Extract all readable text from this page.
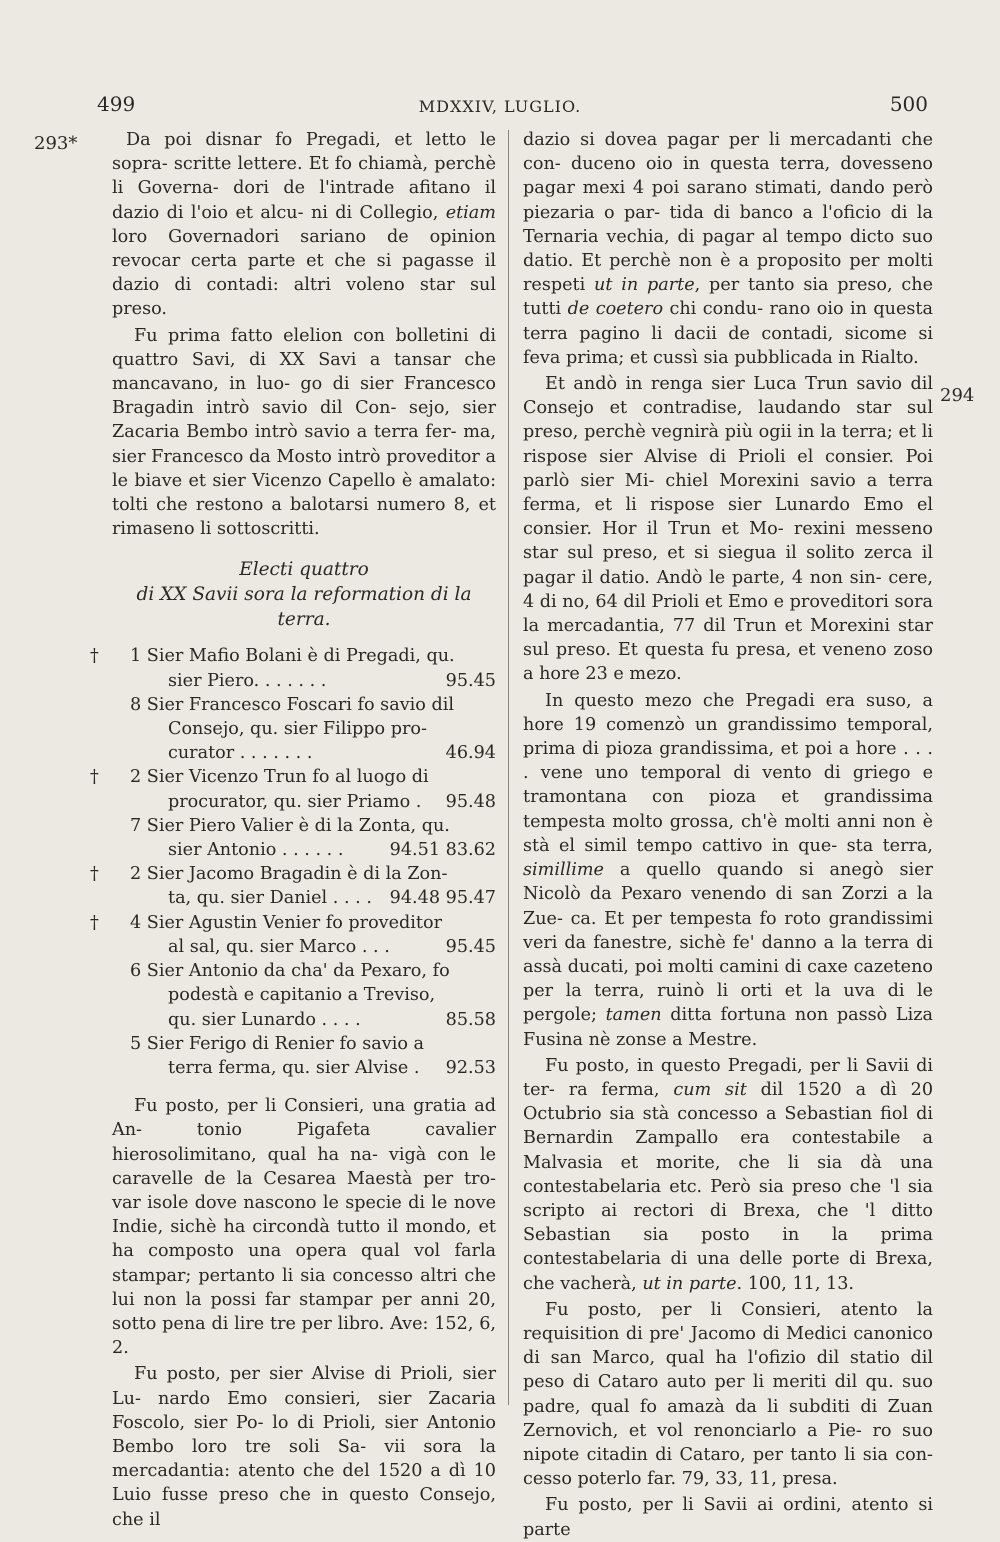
499	MDXXIV, LUGLIO.	500
293*
294

Da poi disnar fo Pregadi, et letto le sopra- scritte lettere. Et fo chiamà, perchè li Governa- dori de l'intrade afitano il dazio di l'oio et alcu- ni di Collegio, etiam loro Governadori sariano de opinion revocar certa parte et che si pagasse il dazio di contadi: altri voleno star sul preso.

Fu prima fatto elelion con bolletini di quattro Savi, di XX Savi a tansar che mancavano, in luo- go di sier Francesco Bragadin intrò savio dil Con- sejo, sier Zacaria Bembo intrò savio a terra fer- ma, sier Francesco da Mosto intrò proveditor a le biave et sier Vicenzo Capello è amalato: tolti che restono a balotarsi numero 8, et rimaseno li sottoscritti.

Electi quattro
di XX Savii sora la reformation di la terra.
† 1 Sier Mafio Bolani è di Pregadi, qu.
sier Piero. . . . . . .	95.45
8 Sier Francesco Foscari fo savio dil
Consejo, qu. sier Filippo pro-
curator . . . . . . .	46.94
† 2 Sier Vicenzo Trun fo al luogo di
procurator, qu. sier Priamo . 95.48
7 Sier Piero Valier è di la Zonta, qu.
sier Antonio . . . . . .	94.51 83.62
† 2 Sier Jacomo Bragadin è di la Zon-
ta, qu. sier Daniel . . . . 94.48 95.47
† 4 Sier Agustin Venier fo proveditor
al sal, qu. sier Marco . . .	95.45
6 Sier Antonio da cha' da Pexaro, fo
podestà e capitanio a Treviso,
qu. sier Lunardo . . . .	85.58
5 Sier Ferigo di Renier fo savio a
terra ferma, qu. sier Alvise . 92.53

Fu posto, per li Consieri, una gratia ad An-	tonio Pigafeta cavalier hierosolimitano, qual ha na- vigà con le caravelle de la Cesarea Maestà per tro- var isole dove nascono le specie di le nove Indie, sichè ha circondà tutto il mondo, et ha composto una opera qual vol farla stampar; pertanto li sia concesso altri che lui non la possi far stampar per anni 20, sotto pena di lire tre per libro. Ave: 152, 6, 2.

Fu posto, per sier Alvise di Prioli, sier Lu- nardo Emo consieri, sier Zacaria Foscolo, sier Po- lo di Prioli, sier Antonio Bembo loro tre soli Sa- vii sora la mercadantia: atento che del 1520 a dì 10 Luio fusse preso che in questo Consejo, che il

dazio si dovea pagar per li mercadanti che con- duceno oio in questa terra, dovesseno pagar mexi 4 poi sarano stimati, dando però piezaria o par- tida di banco a l'oficio di la Ternaria vechia, di pagar al tempo dicto suo datio. Et perchè non è a proposito per molti respeti ut in parte, per tanto sia preso, che tutti de coetero chi condu- rano oio in questa terra pagino li dacii de contadi, sicome si feva prima; et cussì sia pubblicada in Rialto.

Et andò in renga sier Luca Trun savio dil Consejo et contradise, laudando star sul preso, perchè vegnirà più ogii in la terra; et li rispose sier Alvise di Prioli el consier. Poi parlò sier Mi- chiel Morexini savio a terra ferma, et li rispose sier Lunardo Emo el consier. Hor il Trun et Mo- rexini messeno star sul preso, et si siegua il solito zerca il pagar il datio. Andò le parte, 4 non sin- cere, 4 di no, 64 dil Prioli et Emo e proveditori sora la mercadantia, 77 dil Trun et Morexini star sul preso. Et questa fu presa, et veneno zoso a hore 23 e mezo.

In questo mezo che Pregadi era suso, a hore 19 comenzò un grandissimo temporal, prima di pioza grandissima, et poi a hore . . . . vene uno temporal di vento di griego e tramontana con pioza et grandissima tempesta molto grossa, ch'è molti anni non è stà el simil tempo cattivo in que- sta terra, simillime a quello quando si anegò sier Nicolò da Pexaro venendo di san Zorzi a la Zue- ca. Et per tempesta fo roto grandissimi veri da fanestre, sichè fe' danno a la terra di assà ducati, poi molti camini di caxe cazeteno per la terra, ruinò li orti et la uva di le pergole; tamen ditta fortuna non passò Liza Fusina nè zonse a Mestre.

Fu posto, in questo Pregadi, per li Savii di ter- ra ferma, cum sit dil 1520 a dì 20 Octubrio sia stà concesso a Sebastian fiol di Bernardin Zampallo era contestabile a Malvasia et morite, che li sia dà una contestabelaria etc. Però sia preso che 'l sia scripto ai rectori di Brexa, che 'l ditto Sebastian sia posto in la prima contestabelaria di una delle porte di Brexa, che vacherà, ut in parte. 100, 11, 13.

Fu posto, per li Consieri, atento la requisition di pre' Jacomo di Medici canonico di san Marco, qual ha l'ofizio dil statio dil peso di Cataro auto per li meriti dil qu. suo padre, qual fo amazà da li subditi di Zuan Zernovich, et vol renonciarlo a Pie- ro suo nipote citadin di Cataro, per tanto li sia con- cesso poterlo far. 79, 33, 11, presa.

Fu posto, per li Savii ai ordini, atento si parte
